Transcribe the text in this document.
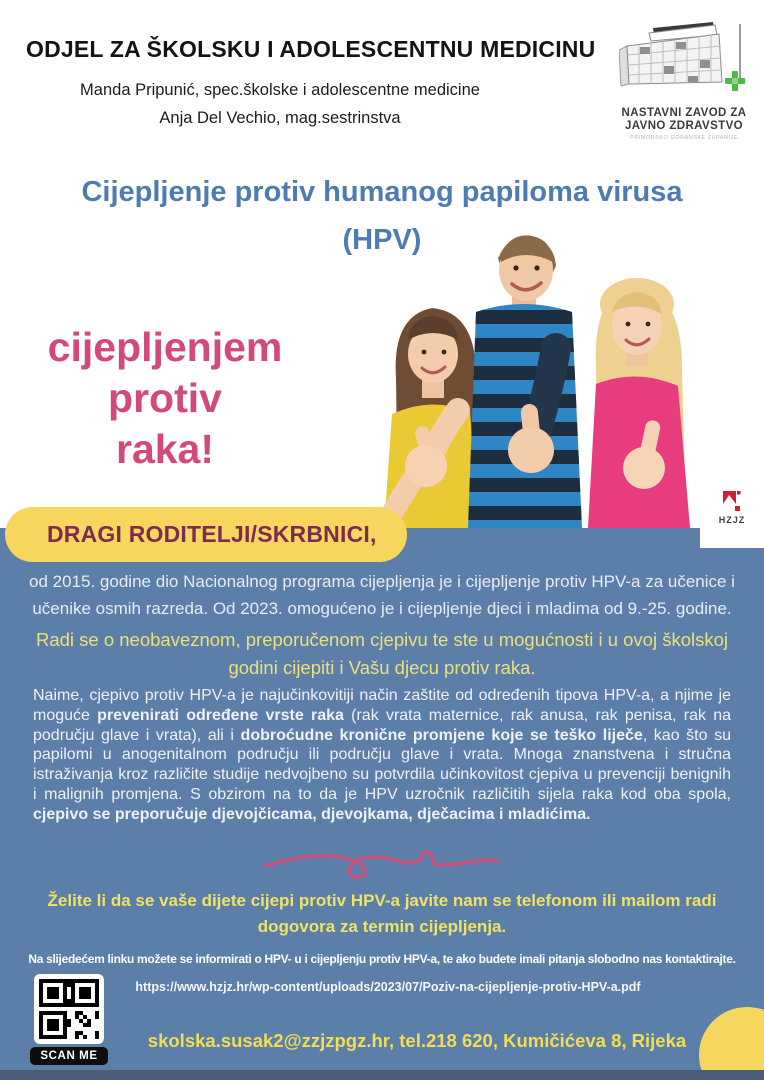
ODJEL ZA ŠKOLSKU I ADOLESCENTNU MEDICINU
Manda Pripunić, spec.školske i adolescentne medicine
Anja Del Vechio, mag.sestrinstva	NASTAVNI ZAVOD ZA
JAVNO ZDRAVSTVO
PRIMORSKO-GORANSKE ŽUPANIJE
Cijepljenje protiv humanog papiloma virusa
(HPV)
cijepljenjem
protiv
raka!
od 2015. godine dio Nacionalnog programa cijepljenja je i cijepljenje protiv HPV-a za učenice i učenike osmih razreda. Od 2023. omogućeno je i cijepljenje djeci i mladima od 9.-25. godine.
Radi se o neobaveznom, preporučenom cjepivu te ste u mogućnosti i u ovoj školskoj godini cijepiti i Vašu djecu protiv raka.
Naime, cjepivo protiv HPV-a je najučinkovitiji način zaštite od određenih tipova HPV-a, a njime je moguće prevenirati određene vrste raka (rak vrata maternice, rak anusa, rak penisa, rak na području glave i vrata), ali i dobroćudne kronične promjene koje se teško liječe, kao što su papilomi u anogenitalnom području ili području glave i vrata. Mnoga znanstvena i stručna istraživanja kroz različite studije nedvojbeno su potvrdila učinkovitost cjepiva u prevenciji benignih i malignih promjena. S obzirom na to da je HPV uzročnik različitih sijela raka kod oba spola, cjepivo se preporučuje djevojčicama, djevojkama, dječacima i mladićima.
Želite li da se vaše dijete cijepi protiv HPV-a javite nam se telefonom ili mailom radi dogovora za termin cijepljenja.
Na slijedećem linku možete se informirati o HPV- u i cijepljenju protiv HPV-a, te ako budete imali pitanja slobodno nas kontaktirajte.
https://www.hzjz.hr/wp-content/uploads/2023/07/Poziv-na-cijepljenje-protiv-HPV-a.pdf
SCAN ME
skolska.susak2@zzjzpgz.hr, tel.218 620, Kumičićeva 8, Rijeka
DRAGI RODITELJI/SKRBNICI,
HZJZ
